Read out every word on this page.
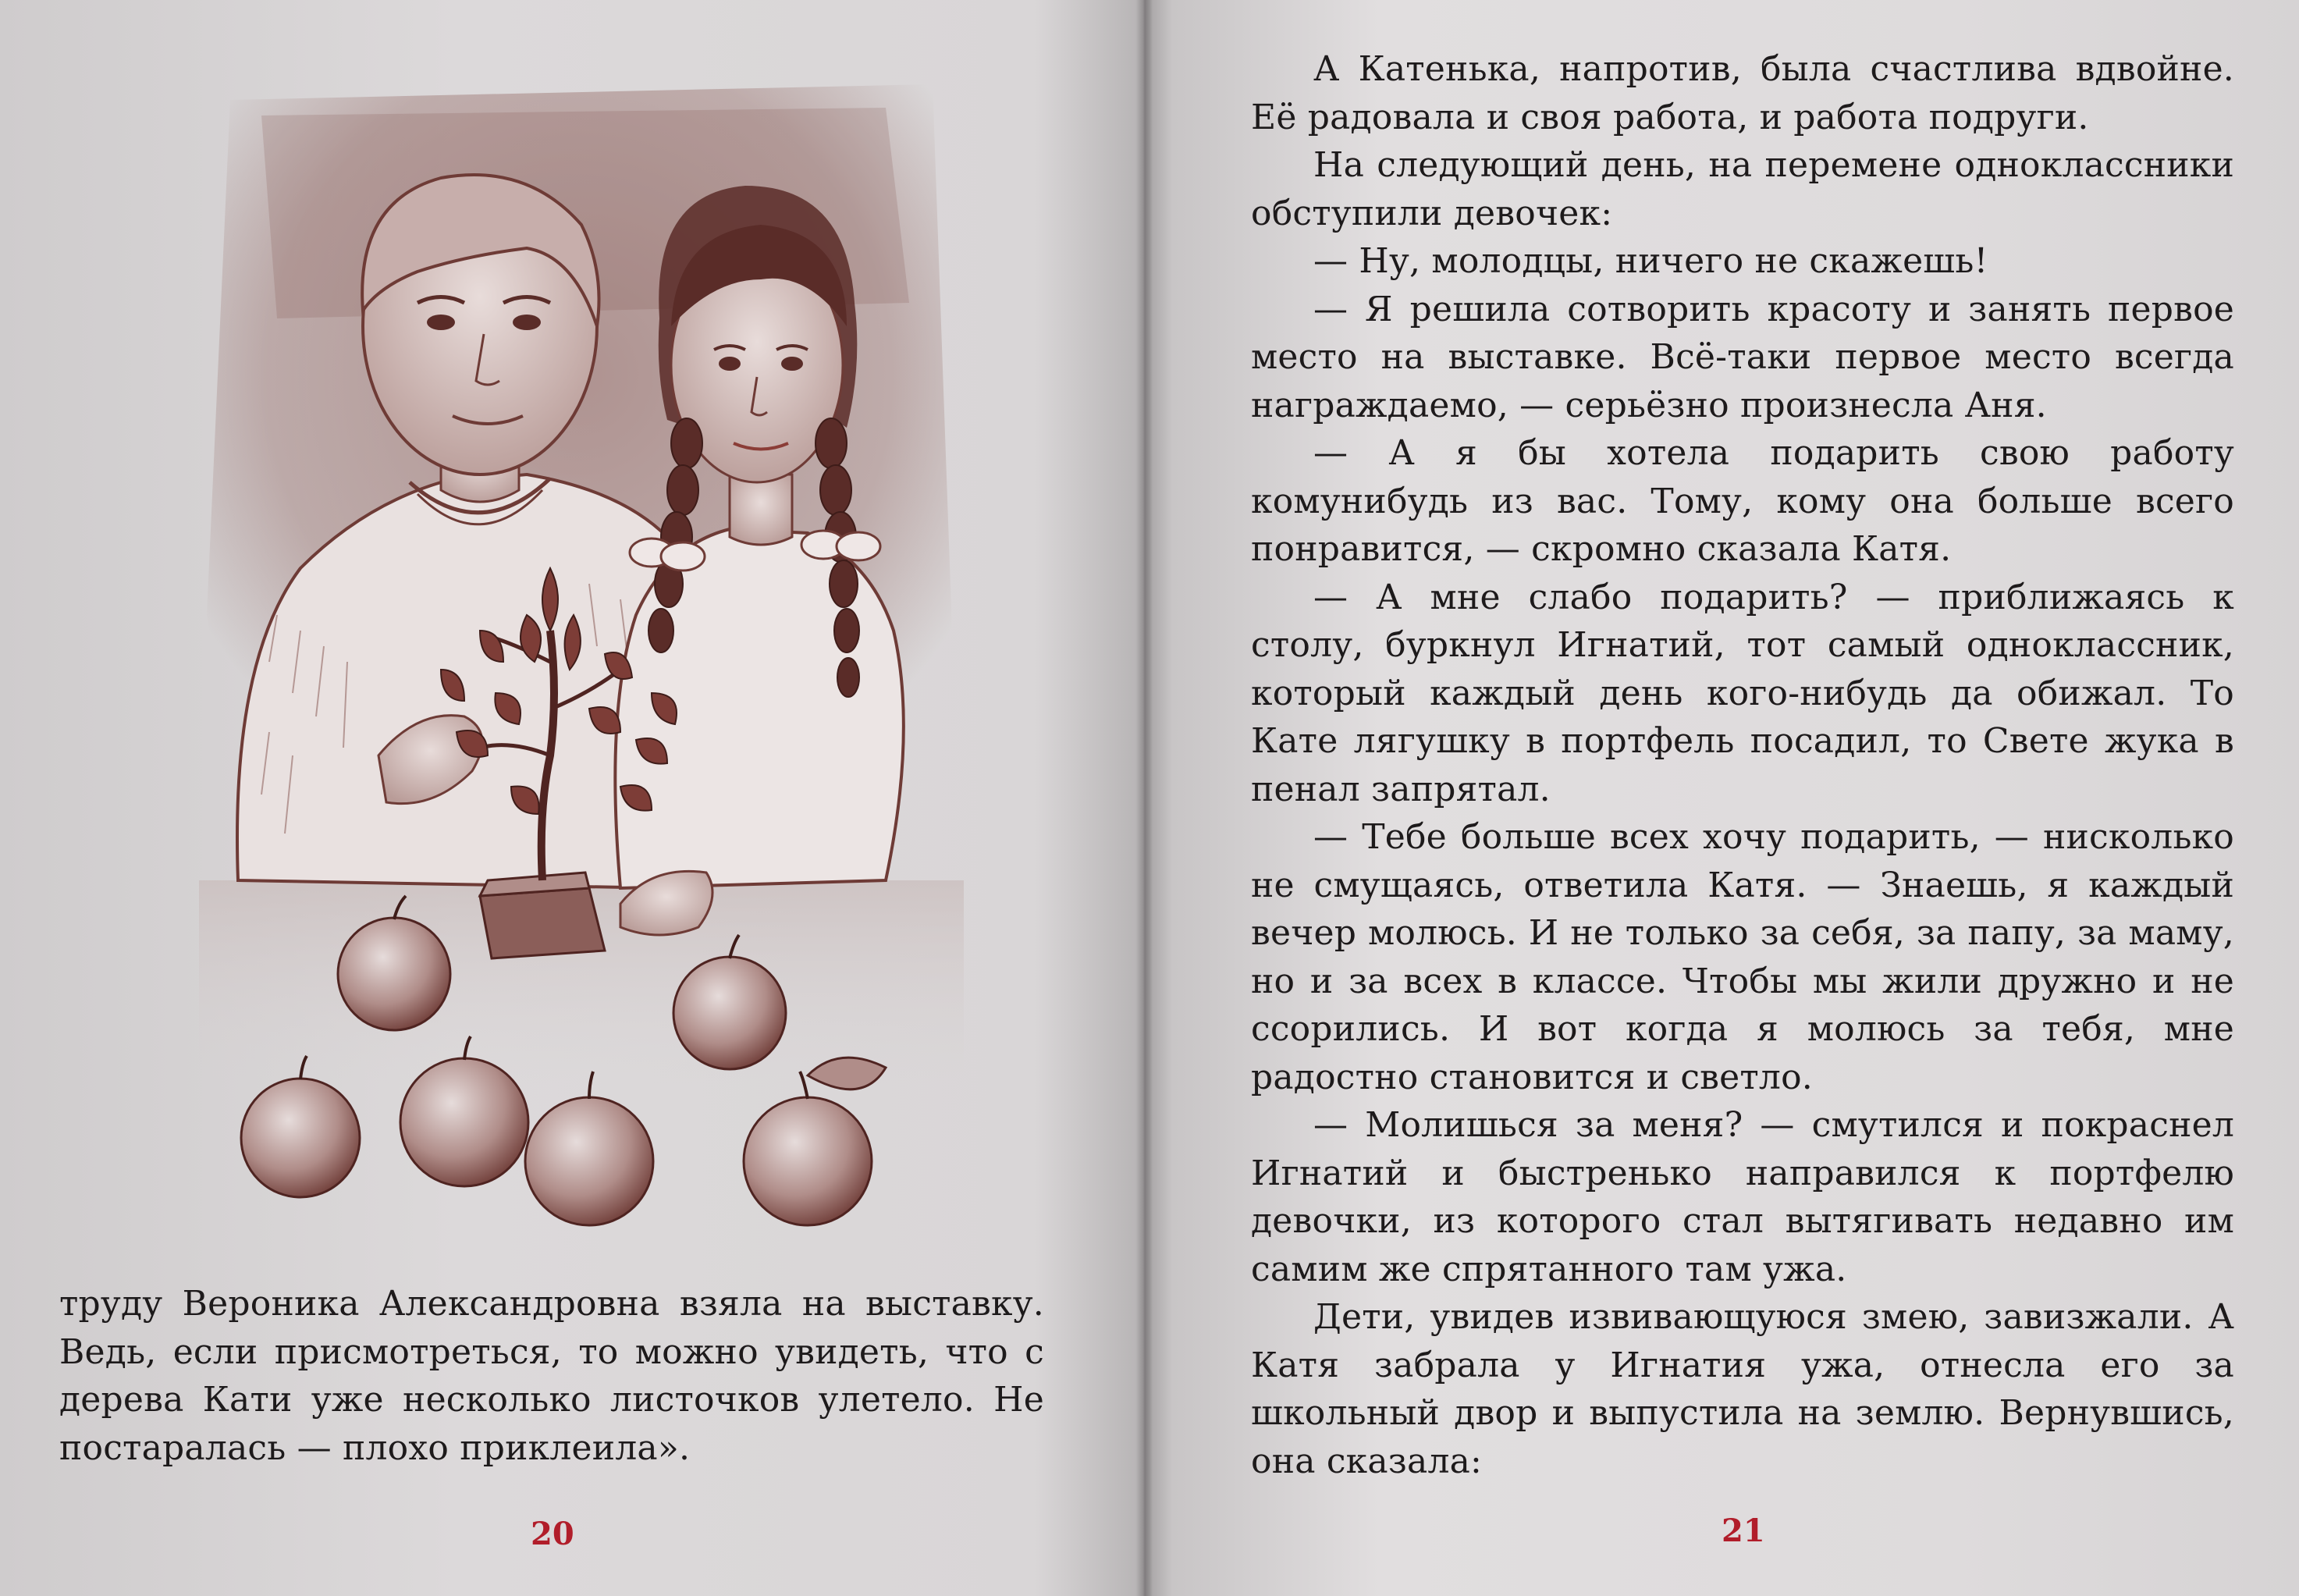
труду Вероника Александровна взяла на выставку. Ведь, если присмотреться, то можно увидеть, что с дерева Кати уже несколько листочков улетело. Не постаралась — плохо приклеила».

20

А Катенька, напротив, была счастлива вдвойне. Её радовала и своя работа, и работа подруги.

На следующий день, на перемене одноклассники обступили девочек:

— Ну, молодцы, ничего не скажешь!

— Я решила сотворить красоту и занять первое место на выставке. Всё-таки первое место всегда награждаемо, — серьёзно произнесла Аня.

— А я бы хотела подарить свою работу комунибудь из вас. Тому, кому она больше всего понравится, — скромно сказала Катя.

— А мне слабо подарить? — приближаясь к столу, буркнул Игнатий, тот самый одноклассник, который каждый день кого-нибудь да обижал. То Кате лягушку в портфель посадил, то Свете жука в пенал запрятал.

— Тебе больше всех хочу подарить, — нисколько не смущаясь, ответила Катя. — Знаешь, я каждый вечер молюсь. И не только за себя, за папу, за маму, но и за всех в классе. Чтобы мы жили дружно и не ссорились. И вот когда я молюсь за тебя, мне радостно становится и светло.

— Молишься за меня? — смутился и покраснел Игнатий и быстренько направился к портфелю девочки, из которого стал вытягивать недавно им самим же спрятанного там ужа.

Дети, увидев извивающуюся змею, завизжали. А Катя забрала у Игнатия ужа, отнесла его за школьный двор и выпустила на землю. Вернувшись, она сказала:

21
